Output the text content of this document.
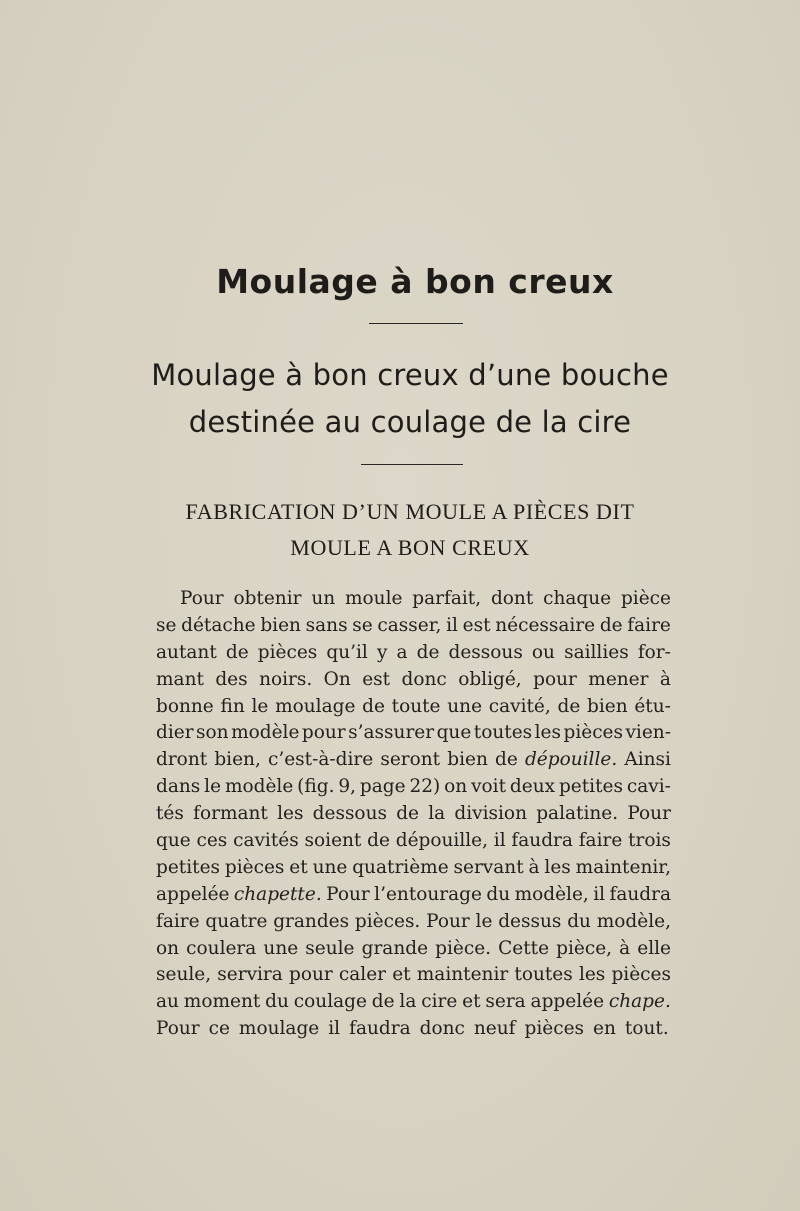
Moulage à bon creux
Moulage à bon creux d’une bouche
destinée au coulage de la cire
FABRICATION D’UN MOULE A PIÈCES DIT
MOULE A BON CREUX
Pour obtenir un moule parfait, dont chaque pièce
se détache bien sans se casser, il est nécessaire de faire
autant de pièces qu’il y a de dessous ou saillies for-
mant des noirs. On est donc obligé, pour mener à
bonne fin le moulage de toute une cavité, de bien étu-
dier son modèle pour s’assurer que toutes les pièces vien-
dront bien, c’est-à-dire seront bien de dépouille. Ainsi
dans le modèle (fig. 9, page 22) on voit deux petites cavi-
tés formant les dessous de la division palatine. Pour
que ces cavités soient de dépouille, il faudra faire trois
petites pièces et une quatrième servant à les maintenir,
appelée chapette. Pour l’entourage du modèle, il faudra
faire quatre grandes pièces. Pour le dessus du modèle,
on coulera une seule grande pièce. Cette pièce, à elle
seule, servira pour caler et maintenir toutes les pièces
au moment du coulage de la cire et sera appelée chape.
Pour ce moulage il faudra donc neuf pièces en tout.
